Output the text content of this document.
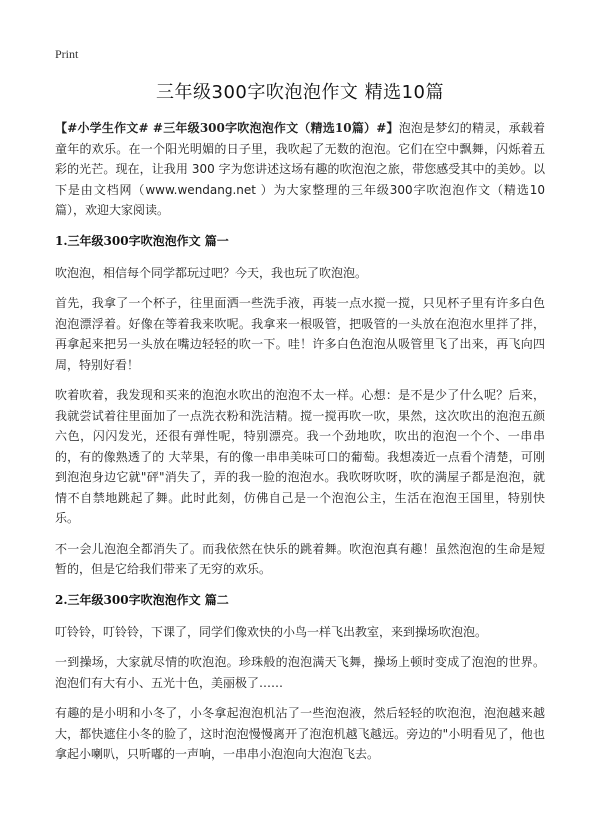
Print
三年级300字吹泡泡作文 精选10篇

【#小学生作文# #三年级300字吹泡泡作文（精选10篇）#】泡泡是梦幻的精灵，承载着童年的欢乐。在一个阳光明媚的日子里，我吹起了无数的泡泡。它们在空中飘舞，闪烁着五彩的光芒。现在，让我用 300 字为您讲述这场有趣的吹泡泡之旅，带您感受其中的美妙。以下是由文档网（www.wendang.net ）为大家整理的三年级300字吹泡泡作文（精选10篇），欢迎大家阅读。

1.三年级300字吹泡泡作文 篇一

吹泡泡，相信每个同学都玩过吧？今天，我也玩了吹泡泡。

首先，我拿了一个杯子，往里面洒一些洗手液，再装一点水搅一搅，只见杯子里有许多白色泡泡漂浮着。好像在等着我来吹呢。我拿来一根吸管，把吸管的一头放在泡泡水里拌了拌，再拿起来把另一头放在嘴边轻轻的吹一下。哇！许多白色泡泡从吸管里飞了出来，再飞向四周，特别好看！

吹着吹着，我发现和买来的泡泡水吹出的泡泡不太一样。心想：是不是少了什么呢？后来，我就尝试着往里面加了一点洗衣粉和洗洁精。搅一搅再吹一吹，果然，这次吹出的泡泡五颜六色，闪闪发光，还很有弹性呢，特别漂亮。我一个劲地吹，吹出的泡泡一个个、一串串的，有的像熟透了的 大苹果，有的像一串串美味可口的葡萄。我想凑近一点看个清楚，可刚到泡泡身边它就"砰"消失了，弄的我一脸的泡泡水。我吹呀吹呀，吹的满屋子都是泡泡，就情不自禁地跳起了舞。此时此刻，仿佛自己是一个泡泡公主，生活在泡泡王国里，特别快乐。

不一会儿泡泡全都消失了。而我依然在快乐的跳着舞。吹泡泡真有趣！虽然泡泡的生命是短暂的，但是它给我们带来了无穷的欢乐。

2.三年级300字吹泡泡作文 篇二

叮铃铃，叮铃铃，下课了，同学们像欢快的小鸟一样飞出教室，来到操场吹泡泡。

一到操场，大家就尽情的吹泡泡。珍珠般的泡泡满天飞舞，操场上顿时变成了泡泡的世界。泡泡们有大有小、五光十色，美丽极了……

有趣的是小明和小冬了，小冬拿起泡泡机沾了一些泡泡液，然后轻轻的吹泡泡，泡泡越来越大，都快遮住小冬的脸了，这时泡泡慢慢离开了泡泡机越飞越远。旁边的"小明看见了，他也拿起小喇叭，只听嘟的一声响，一串串小泡泡向大泡泡飞去。
